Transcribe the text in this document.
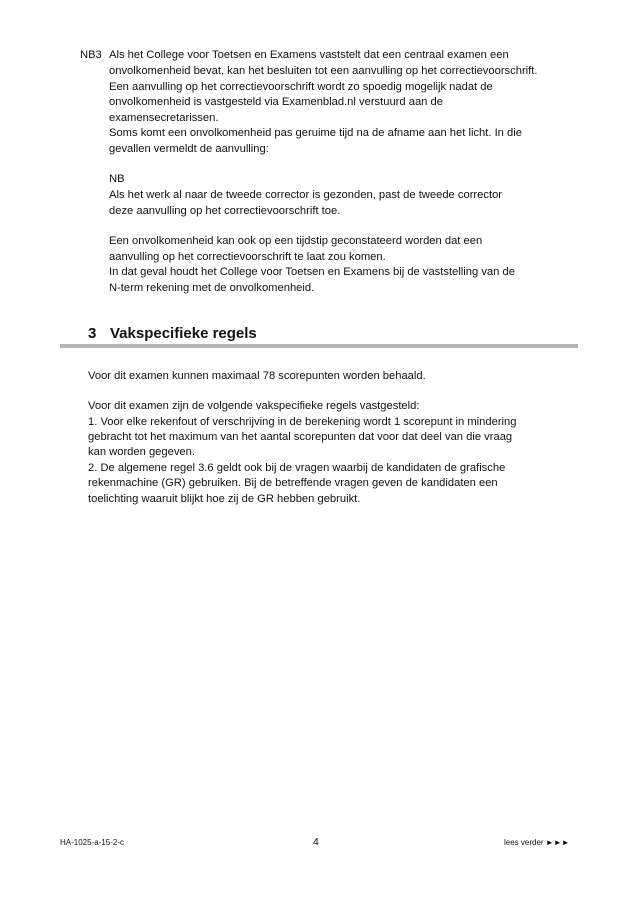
NB3 Als het College voor Toetsen en Examens vaststelt dat een centraal examen een
onvolkomenheid bevat, kan het besluiten tot een aanvulling op het correctievoorschrift.
Een aanvulling op het correctievoorschrift wordt zo spoedig mogelijk nadat de
onvolkomenheid is vastgesteld via Examenblad.nl verstuurd aan de
examensecretarissen.
Soms komt een onvolkomenheid pas geruime tijd na de afname aan het licht. In die
gevallen vermeldt de aanvulling:
NB
Als het werk al naar de tweede corrector is gezonden, past de tweede corrector
deze aanvulling op het correctievoorschrift toe.
Een onvolkomenheid kan ook op een tijdstip geconstateerd worden dat een
aanvulling op het correctievoorschrift te laat zou komen.
In dat geval houdt het College voor Toetsen en Examens bij de vaststelling van de
N-term rekening met de onvolkomenheid.
3 Vakspecifieke regels
Voor dit examen kunnen maximaal 78 scorepunten worden behaald.
Voor dit examen zijn de volgende vakspecifieke regels vastgesteld:
1. Voor elke rekenfout of verschrijving in de berekening wordt 1 scorepunt in mindering
gebracht tot het maximum van het aantal scorepunten dat voor dat deel van die vraag
kan worden gegeven.
2. De algemene regel 3.6 geldt ook bij de vragen waarbij de kandidaten de grafische
rekenmachine (GR) gebruiken. Bij de betreffende vragen geven de kandidaten een
toelichting waaruit blijkt hoe zij de GR hebben gebruikt.
HA-1025-a-15-2-c	4	lees verder ►►►
